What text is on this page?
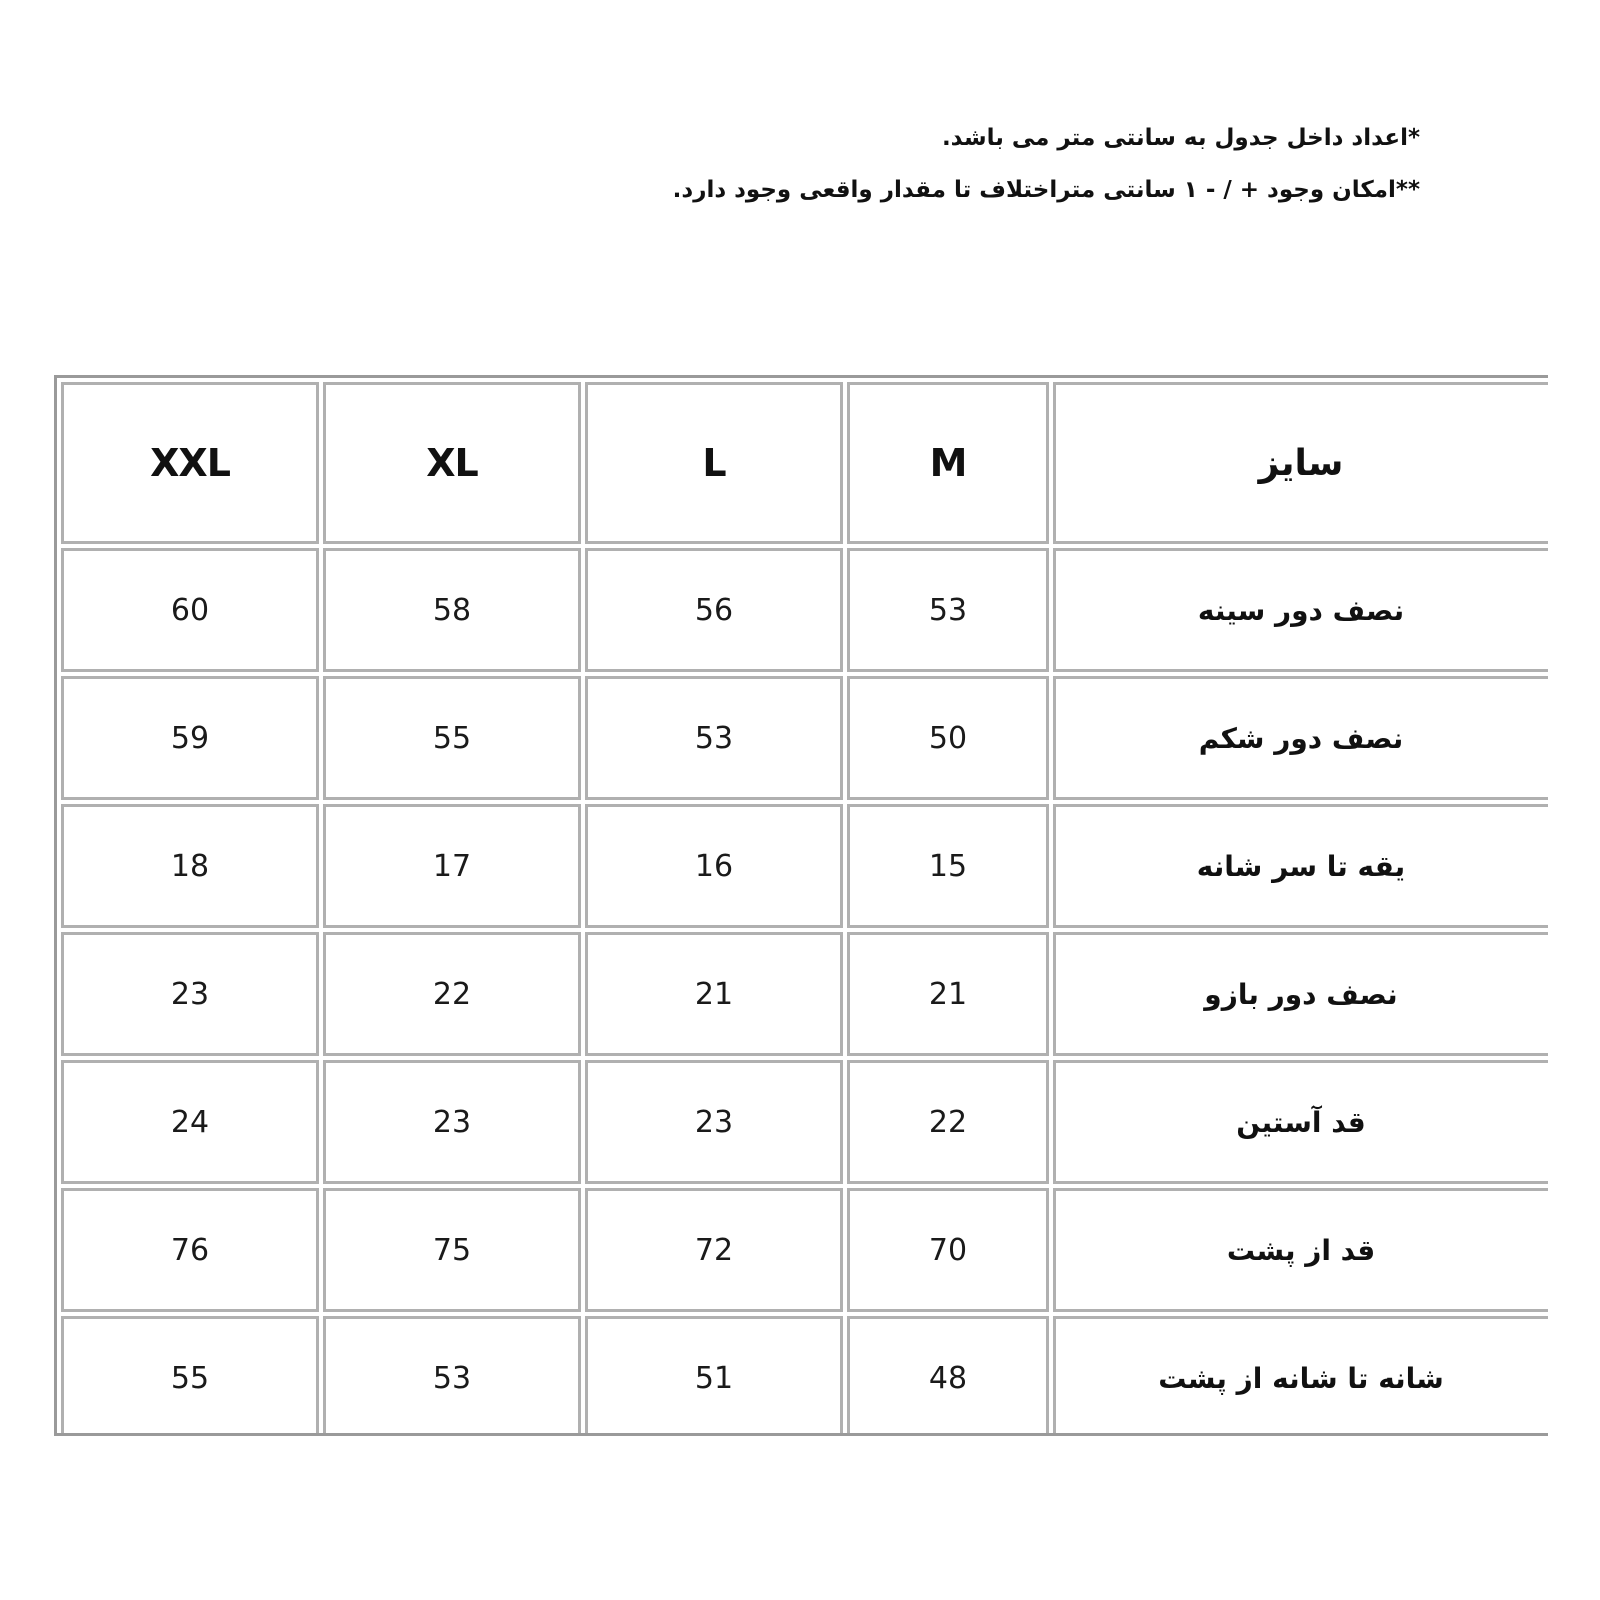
*اعداد داخل جدول به سانتی متر می باشد.
**امکان وجود + / - ۱ سانتی متراختلاف تا مقدار واقعی وجود دارد.
XXL	XL	L	M	سایز
60	58	56	53	نصف دور سینه
59	55	53	50	نصف دور شکم
18	17	16	15	یقه تا سر شانه
23	22	21	21	نصف دور بازو
24	23	23	22	قد آستین
76	75	72	70	قد از پشت
55	53	51	48	شانه تا شانه از پشت
